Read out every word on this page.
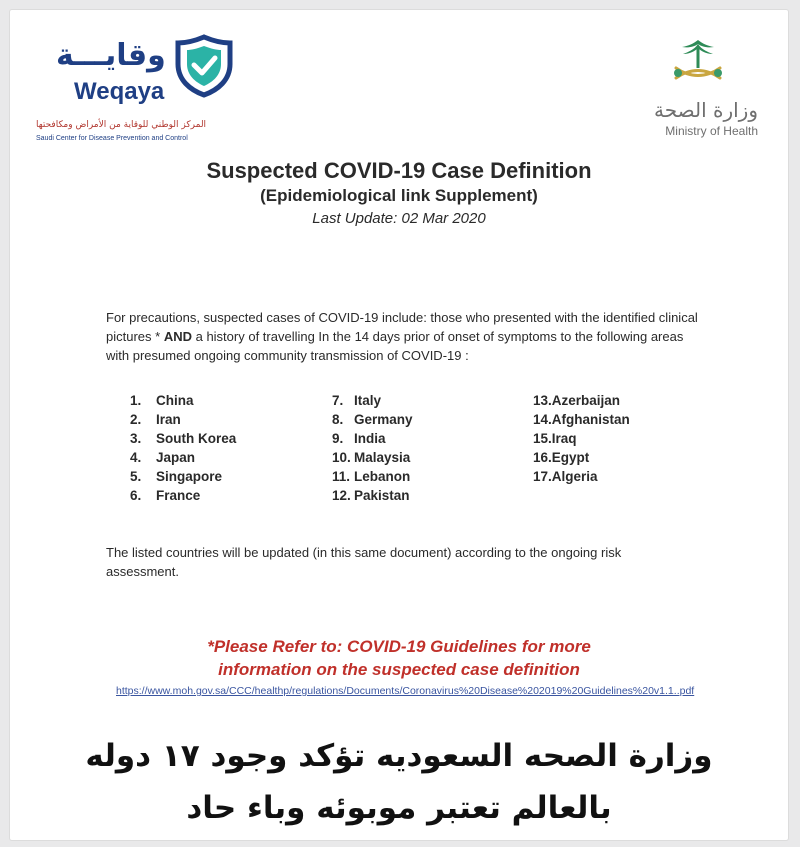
وقايـــة
Weqaya
المركز الوطني للوقاية من الأمراض ومكافحتها
Saudi Center for Disease Prevention and Control
وزارة الصحة
Ministry of Health
Suspected COVID-19 Case Definition
(Epidemiological link Supplement)
Last Update: 02 Mar 2020
For precautions, suspected cases of COVID-19 include: those who presented with the identified clinical pictures * AND a history of travelling In the 14 days prior of onset of symptoms to the following areas with presumed ongoing community transmission of COVID-19 :
1.	China
2.	Iran
3.	South Korea
4.	Japan
5.	Singapore
6.	France
7. Italy
8. Germany
9. India
10. Malaysia
11. Lebanon
12. Pakistan
13. Azerbaijan
14. Afghanistan
15. Iraq
16. Egypt
17. Algeria
The listed countries will be updated (in this same document) according to the ongoing risk assessment.
*Please Refer to: COVID-19 Guidelines for more
information on the suspected case definition
https://www.moh.gov.sa/CCC/healthp/regulations/Documents/Coronavirus%20Disease%202019%20Guidelines%20v1.1..pdf
وزارة الصحه السعوديه تؤكد وجود ١٧ دوله
بالعالم تعتبر موبوئه وباء حاد
